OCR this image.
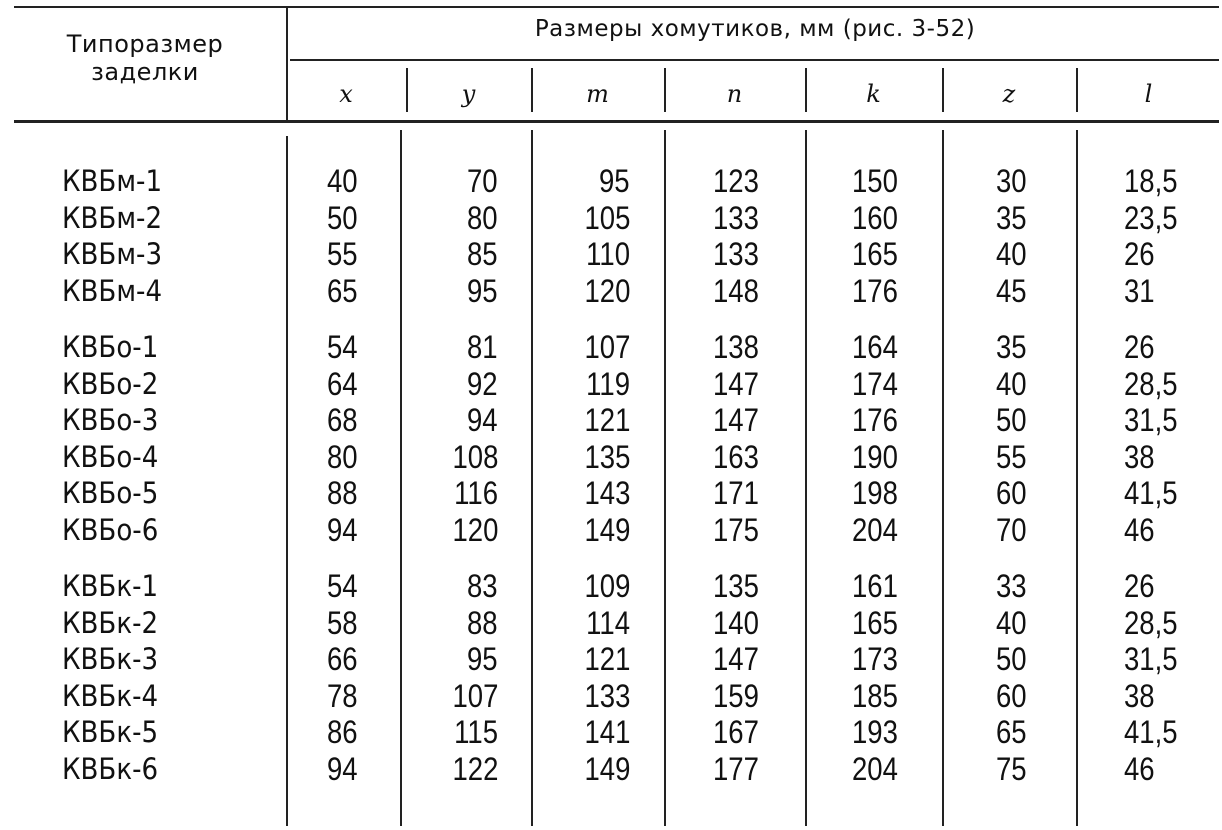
Типоразмер
заделки
Размеры хомутиков, мм (рис. 3-52)
x	y	m	n	k	z	l
КВБм-1	40	70	95	123	150	30	18,5
КВБм-2	50	80	105	133	160	35	23,5
КВБм-3	55	85	110	133	165	40	26
КВБм-4	65	95	120	148	176	45	31
КВБо-1	54	81	107	138	164	35	26
КВБо-2	64	92	119	147	174	40	28,5
КВБо-3	68	94	121	147	176	50	31,5
КВБо-4	80	108	135	163	190	55	38
КВБо-5	88	116	143	171	198	60	41,5
КВБо-6	94	120	149	175	204	70	46
КВБк-1	54	83	109	135	161	33	26
КВБк-2	58	88	114	140	165	40	28,5
КВБк-3	66	95	121	147	173	50	31,5
КВБк-4	78	107	133	159	185	60	38
КВБк-5	86	115	141	167	193	65	41,5
КВБк-6	94	122	149	177	204	75	46
